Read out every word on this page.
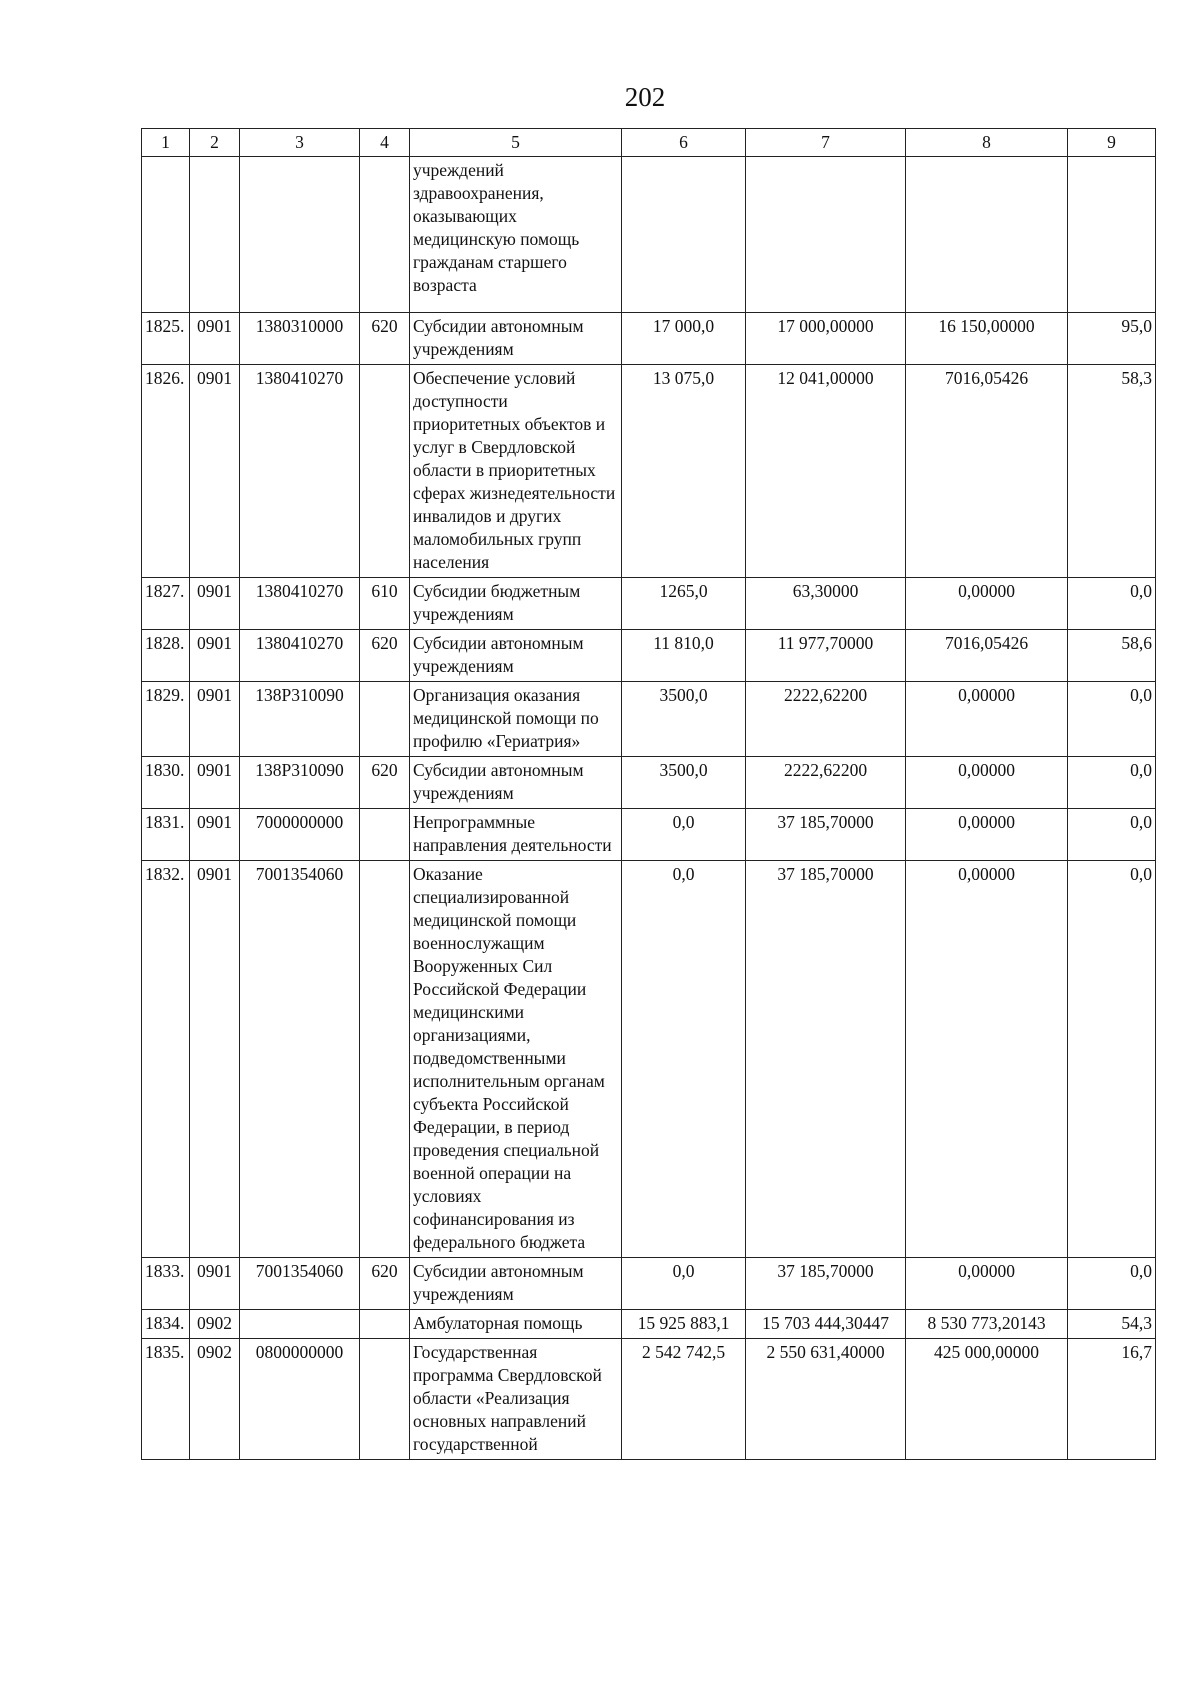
202
1	2	3	4	5	6	7	8	9
				учреждений здравоохранения, оказывающих медицинскую помощь гражданам старшего возраста				
1825.	0901	1380310000	620	Субсидии автономным учреждениям	17 000,0	17 000,00000	16 150,00000	95,0
1826.	0901	1380410270		Обеспечение условий доступности приоритетных объектов и услуг в Свердловской области в приоритетных сферах жизнедеятельности инвалидов и других маломобильных групп населения	13 075,0	12 041,00000	7016,05426	58,3
1827.	0901	1380410270	610	Субсидии бюджетным учреждениям	1265,0	63,30000	0,00000	0,0
1828.	0901	1380410270	620	Субсидии автономным учреждениям	11 810,0	11 977,70000	7016,05426	58,6
1829.	0901	138Р310090		Организация оказания медицинской помощи по профилю «Гериатрия»	3500,0	2222,62200	0,00000	0,0
1830.	0901	138Р310090	620	Субсидии автономным учреждениям	3500,0	2222,62200	0,00000	0,0
1831.	0901	7000000000		Непрограммные направления деятельности	0,0	37 185,70000	0,00000	0,0
1832.	0901	7001354060		Оказание специализированной медицинской помощи военнослужащим Вооруженных Сил Российской Федерации медицинскими организациями, подведомственными исполнительным органам субъекта Российской Федерации, в период проведения специальной военной операции на условиях софинансирования из федерального бюджета	0,0	37 185,70000	0,00000	0,0
1833.	0901	7001354060	620	Субсидии автономным учреждениям	0,0	37 185,70000	0,00000	0,0
1834.	0902			Амбулаторная помощь	15 925 883,1	15 703 444,30447	8 530 773,20143	54,3
1835.	0902	0800000000		Государственная программа Свердловской области «Реализация основных направлений государственной	2 542 742,5	2 550 631,40000	425 000,00000	16,7
